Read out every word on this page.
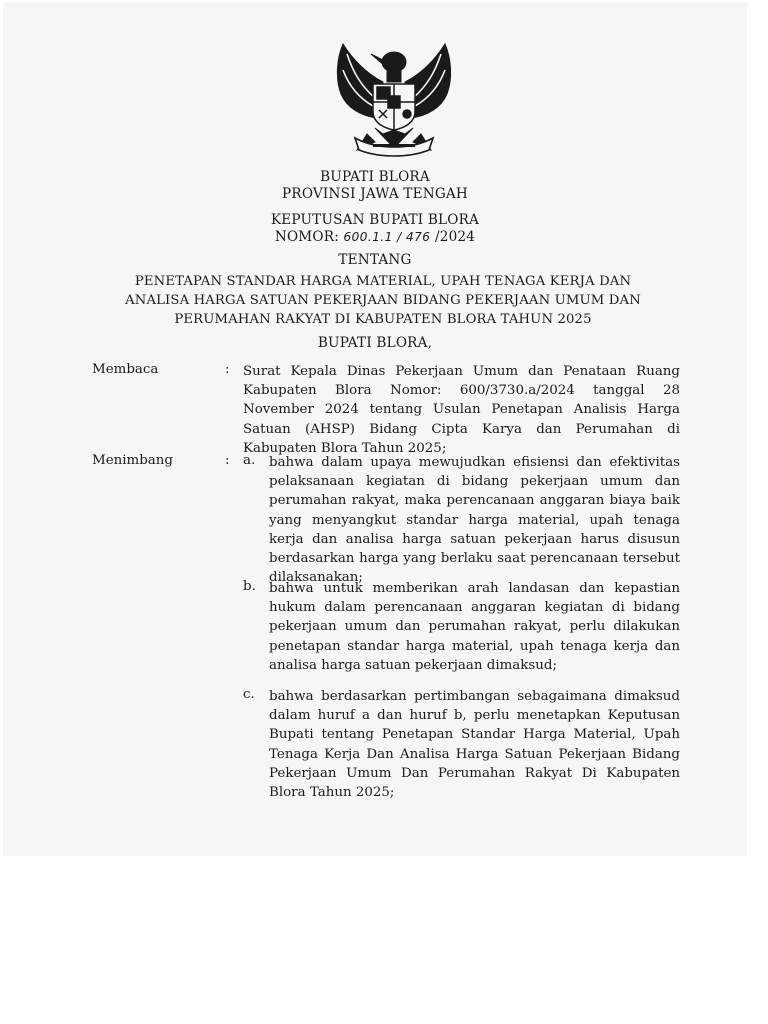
BUPATI BLORA
PROVINSI JAWA TENGAH
KEPUTUSAN BUPATI BLORA
NOMOR: 600.1.1 / 476 /2024
TENTANG
PENETAPAN STANDAR HARGA MATERIAL, UPAH TENAGA KERJA DAN
ANALISA HARGA SATUAN PEKERJAAN BIDANG PEKERJAAN UMUM DAN
PERUMAHAN RAKYAT DI KABUPATEN BLORA TAHUN 2025
BUPATI BLORA,
Membaca	: Surat Kepala Dinas Pekerjaan Umum dan Penataan Ruang Kabupaten Blora Nomor: 600/3730.a/2024 tanggal 28 November 2024 tentang Usulan Penetapan Analisis Harga Satuan (AHSP) Bidang Cipta Karya dan Perumahan di Kabupaten Blora Tahun 2025;

Menimbang	: a. bahwa dalam upaya mewujudkan efisiensi dan efektivitas pelaksanaan kegiatan di bidang pekerjaan umum dan perumahan rakyat, maka perencanaan anggaran biaya baik yang menyangkut standar harga material, upah tenaga kerja dan analisa harga satuan pekerjaan harus disusun berdasarkan harga yang berlaku saat perencanaan tersebut dilaksanakan;

b. bahwa untuk memberikan arah landasan dan kepastian hukum dalam perencanaan anggaran kegiatan di bidang pekerjaan umum dan perumahan rakyat, perlu dilakukan penetapan standar harga material, upah tenaga kerja dan analisa harga satuan pekerjaan dimaksud;

c. bahwa berdasarkan pertimbangan sebagaimana dimaksud dalam huruf a dan huruf b, perlu menetapkan Keputusan Bupati tentang Penetapan Standar Harga Material, Upah Tenaga Kerja Dan Analisa Harga Satuan Pekerjaan Bidang Pekerjaan Umum Dan Perumahan Rakyat Di Kabupaten Blora Tahun 2025;
